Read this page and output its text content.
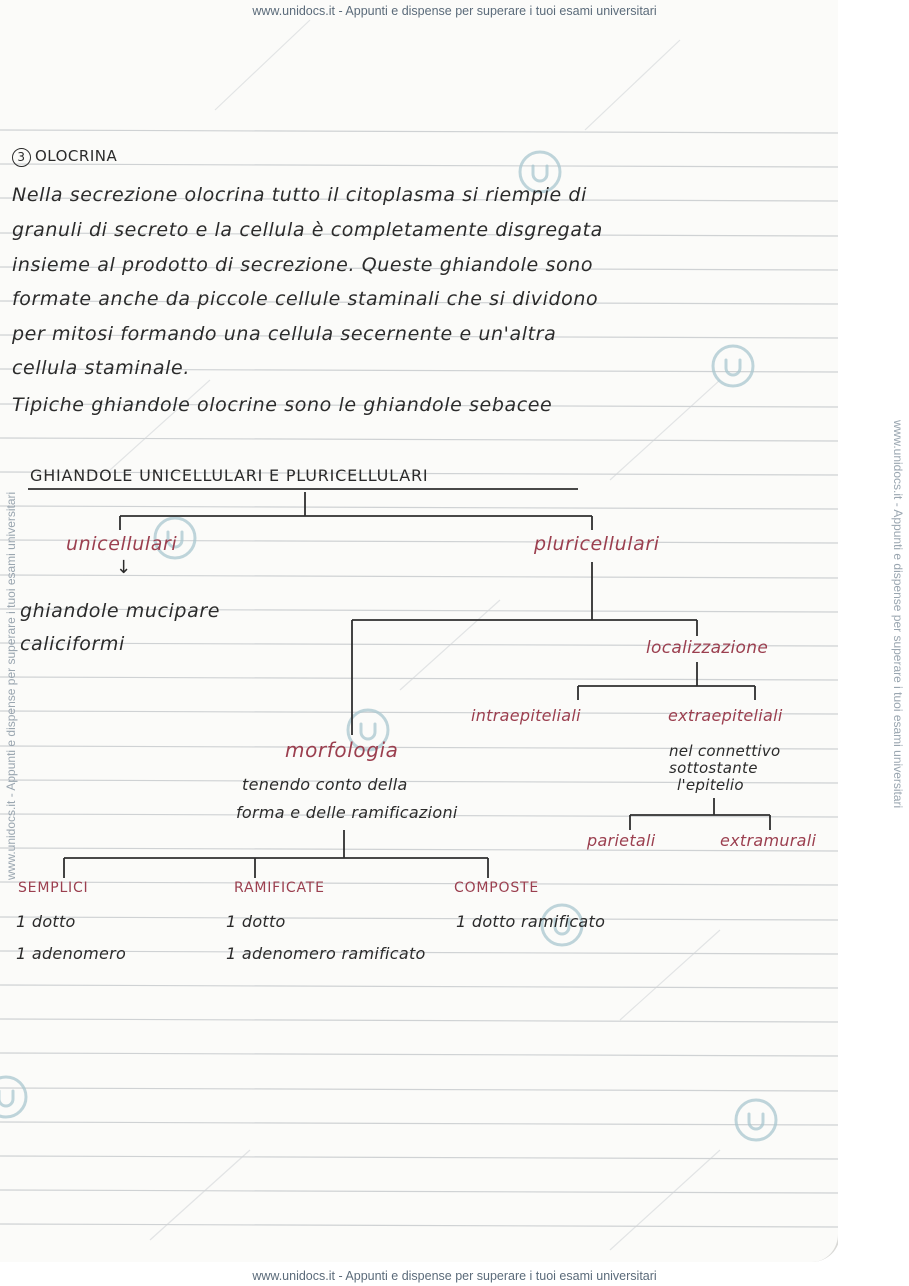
3 OLOCRINA
Nella secrezione olocrina tutto il citoplasma si riempie di
granuli di secreto e la cellula è completamente disgregata
insieme al prodotto di secrezione. Queste ghiandole sono
formate anche da piccole cellule staminali che si dividono
per mitosi formando una cellula secernente e un'altra
cellula staminale.
Tipiche ghiandole olocrine sono le ghiandole sebacee
GHIANDOLE UNICELLULARI E PLURICELLULARI
unicellulari
↓
ghiandole mucipare
caliciformi
pluricellulari
localizzazione
intraepiteliali	extraepiteliali
nel connettivo
sottostante
l'epitelio
parietali	extramurali
morfologia
tenendo conto della
forma e delle ramificazioni
SEMPLICI
1 dotto
1 adenomero
RAMIFICATE
1 dotto
1 adenomero ramificato
COMPOSTE
1 dotto ramificato
www.unidocs.it - Appunti e dispense per superare i tuoi esami universitari
www.unidocs.it - Appunti e dispense per superare i tuoi esami universitari
www.unidocs.it - Appunti e dispense per superare i tuoi esami universitari	www.unidocs.it - Appunti e dispense per superare i tuoi esami universitari
